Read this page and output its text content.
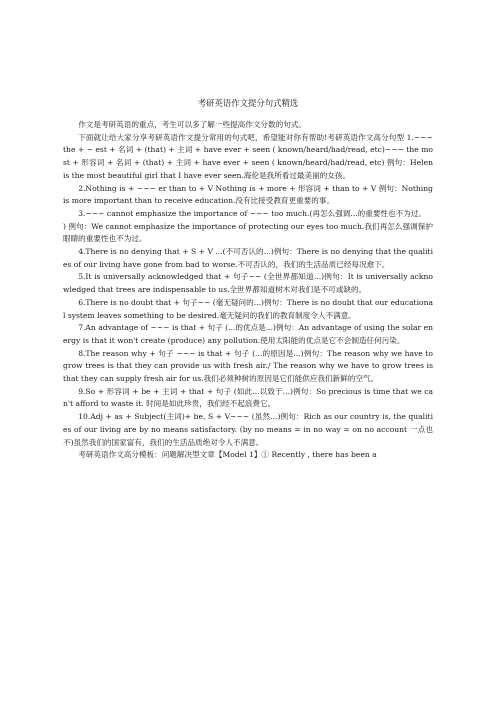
考研英语作文提分句式精选

作文是考研英语的重点，考生可以多了解一些提高作文分数的句式。

下面就让给大家分享考研英语作文提分常用的句式吧，希望能对你有帮助!考研英语作文高分句型 1.~~~ the + ~ est + 名词 + (that) + 主词 + have ever + seen ( known/heard/had/read, etc)~~~ the most + 形容词 + 名词 + (that) + 主词 + have ever + seen ( known/heard/had/read, etc) 例句：Helen is the most beautiful girl that I have ever seen.海伦是我所看过最美丽的女孩。

2.Nothing is + ~~~ er than to + V Nothing is + more + 形容词 + than to + V 例句：Nothing is more important than to receive education.没有比接受教育更重要的事。

3.~~~ cannot emphasize the importance of ~~~ too much.(再怎么强调...的重要性也不为过。

) 例句：We cannot emphasize the importance of protecting our eyes too much.我们再怎么强调保护眼睛的重要性也不为过。

4.There is no denying that + S + V ...(不可否认的...)例句：There is no denying that the qualities of our living have gone from bad to worse.不可否认的，我们的生活品质已经每况愈下。

5.It is universally acknowledged that + 句子~~ (全世界都知道...)例句：It is universally acknowledged that trees are indispensable to us.全世界都知道树木对我们是不可或缺的。

6.There is no doubt that + 句子~~ (毫无疑问的...)例句：There is no doubt that our educational system leaves something to be desired.毫无疑问的我们的教育制度令人不满意。

7.An advantage of ~~~ is that + 句子 (...的优点是...)例句：An advantage of using the solar energy is that it won't create (produce) any pollution.使用太阳能的优点是它不会制造任何污染。

8.The reason why + 句子 ~~~ is that + 句子 (...的原因是...)例句：The reason why we have to grow trees is that they can provide us with fresh air./ The reason why we have to grow trees is that they can supply fresh air for us.我们必须种树的原因是它们能供应我们新鲜的空气。

9.So + 形容词 + be + 主词 + that + 句子 (如此...以致于...)例句：So precious is time that we can't afford to waste it. 时间是如此珍贵，我们经不起浪费它。

10.Adj + as + Subject(主词)+ be, S + V~~~ (虽然...)例句：Rich as our country is, the qualities of our living are by no means satisfactory. (by no means = in no way = on no account 一点也不)虽然我们的国家富有，我们的生活品质绝对令人不满意。

考研英语作文高分模板：问题解决型文章【Model 1】① Recently , there has been a
